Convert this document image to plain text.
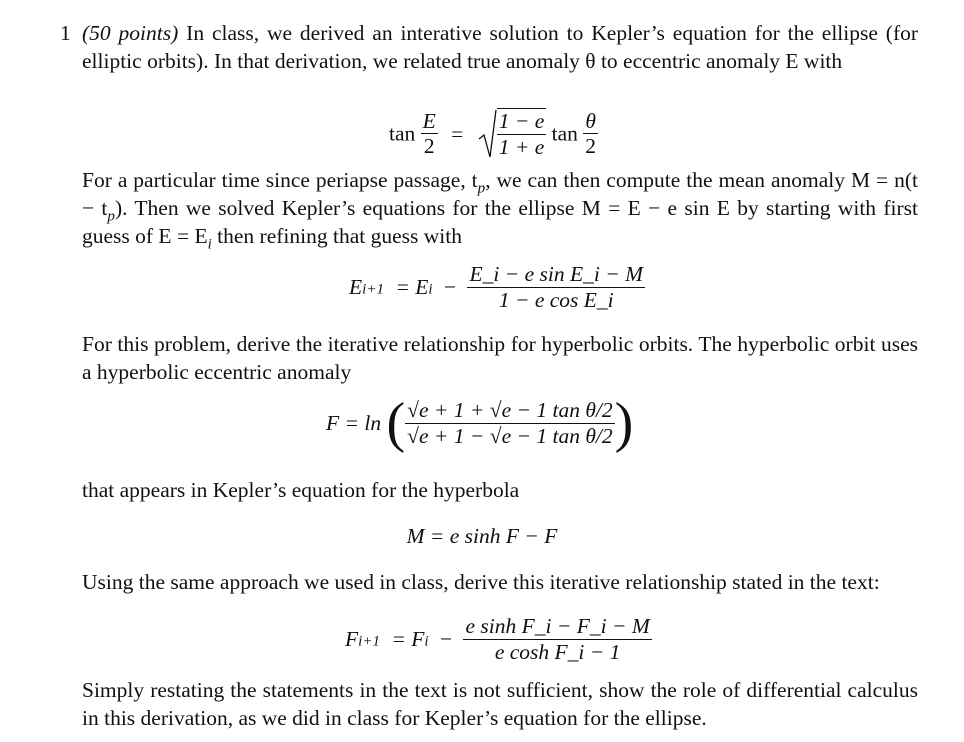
1 (50 points) In class, we derived an interative solution to Kepler’s equation for the ellipse (for elliptic orbits). In that derivation, we related true anomaly θ to eccentric anomaly E with
$\tan \frac{E}{2} = \frac{1 - e}{1 + e}$ $\tan \frac{\theta}{2}$
For a particular time since periapse passage, $t_p$, we can then compute the mean anomaly $M = n(t - t_p)$. Then we solved Kepler’s equations for the ellipse M = E − e sin E by starting with first guess of $E = E_i$ then refining that guess with
$Ei+1 = Ei - \frac{\text{E\_i − e sin E\_i − M}}{\text{1 − e cos E\_i}}$
For this problem, derive the iterative relationship for hyperbolic orbits. The hyperbolic orbit uses a hyperbolic eccentric anomaly
F = ln ( $\frac{\text{√e + 1 + √e − 1 tan θ/2}}{\text{√e + 1 − √e − 1 tan θ/2}}$ )
that appears in Kepler’s equation for the hyperbola
M = e sinh F − F
Using the same approach we used in class, derive this iterative relationship stated in the text:
$Fi+1 = Fi - \frac{\text{e sinh F\_i − F\_i − M}}{\text{e cosh F\_i − 1}}$
Simply restating the statements in the text is not sufficient, show the role of differential calculus in this derivation, as we did in class for Kepler’s equation for the ellipse.
